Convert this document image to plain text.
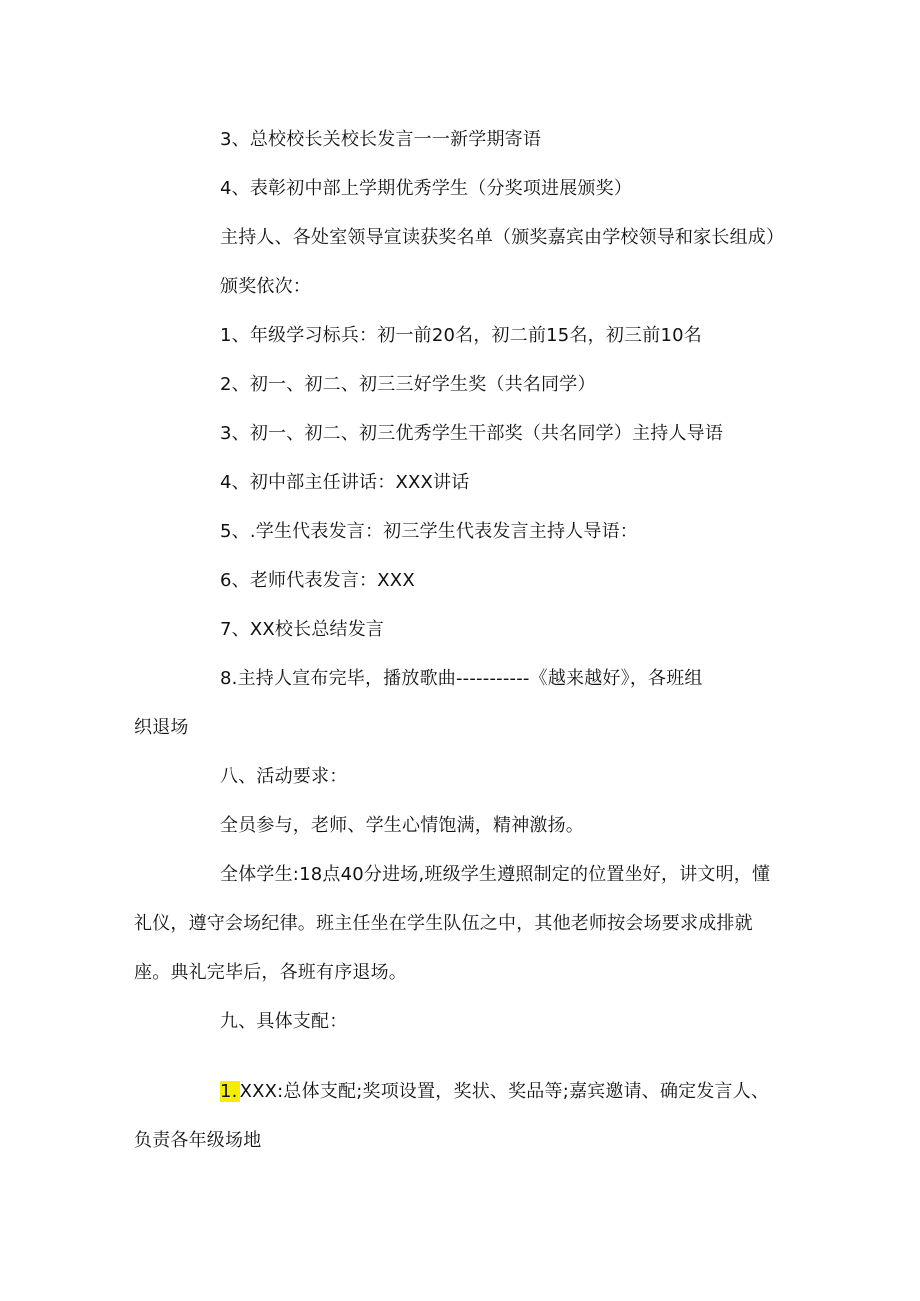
3、总校校长关校长发言一一新学期寄语

4、表彰初中部上学期优秀学生（分奖项进展颁奖）

主持人、各处室领导宣读获奖名单（颁奖嘉宾由学校领导和家长组成）

颁奖依次：

1、年级学习标兵：初一前20名，初二前15名，初三前10名

2、初一、初二、初三三好学生奖（共名同学）

3、初一、初二、初三优秀学生干部奖（共名同学）主持人导语

4、初中部主任讲话：XXX讲话

5、.学生代表发言：初三学生代表发言主持人导语：

6、老师代表发言：XXX

7、XX校长总结发言

8.主持人宣布完毕，播放歌曲-----------《越来越好》，各班组

织退场

八、活动要求：

全员参与，老师、学生心情饱满，精神激扬。

全体学生:18点40分进场,班级学生遵照制定的位置坐好，讲文明，懂

礼仪，遵守会场纪律。班主任坐在学生队伍之中，其他老师按会场要求成排就

座。典礼完毕后，各班有序退场。

九、具体支配：

1. XXX:总体支配;奖项设置，奖状、奖品等;嘉宾邀请、确定发言人、

负责各年级场地
